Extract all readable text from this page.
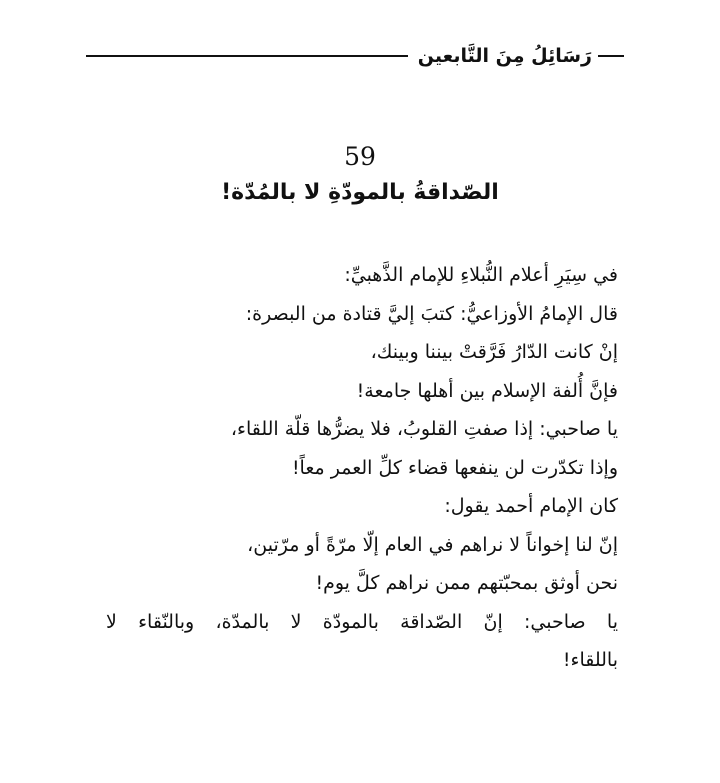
رَسَائِلُ مِنَ التَّابعين
59
الصّداقةُ بالمودّةِ لا بالمُدّة!
في سِيَرِ أعلام النُّبلاءِ للإمام الذَّهبيِّ:
قال الإمامُ الأوزاعيُّ: كتبَ إليَّ قتادة من البصرة:
إنْ كانت الدّارُ فَرَّقتْ بيننا وبينك،
فإنَّ أُلفة الإسلام بين أهلها جامعة!
يا صاحبي: إذا صفتِ القلوبُ، فلا يضرُّها قلّة اللقاء،
وإذا تكدّرت لن ينفعها قضاء كلِّ العمر معاً!
كان الإمام أحمد يقول:
إنّ لنا إخواناً لا نراهم في العام إلّا مرّةً أو مرّتين،
نحن أوثق بمحبّتهم ممن نراهم كلَّ يوم!
يا صاحبي: إنّ الصّداقة بالمودّة لا بالمدّة، وبالنّقاء لا
باللقاء!
